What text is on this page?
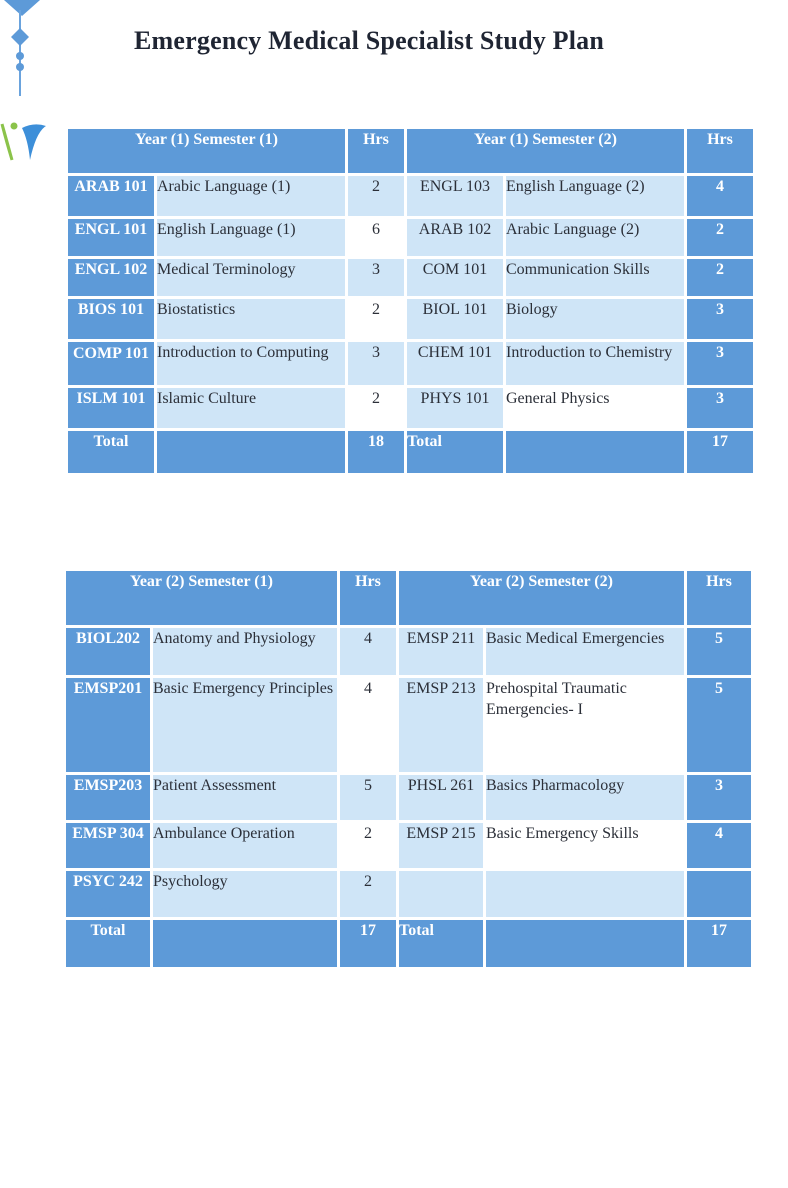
Emergency Medical Specialist Study Plan
Year (1) Semester (1)		Hrs	Year (1) Semester (2)		Hrs
ARAB 101	Arabic Language (1)	2	ENGL 103	English Language (2)	4
ENGL 101	English Language (1)	6	ARAB 102	Arabic Language (2)	2
ENGL 102	Medical Terminology	3	COM 101	Communication Skills	2
BIOS 101	Biostatistics	2	BIOL 101	Biology	3
COMP 101	Introduction to Computing	3	CHEM 101	Introduction to Chemistry	3
ISLM 101	Islamic Culture	2	PHYS 101	General Physics	3
Total		18	Total		17
Year (2) Semester (1)		Hrs	Year (2) Semester (2)		Hrs
BIOL202	Anatomy and Physiology	4	EMSP 211	Basic Medical Emergencies	5
EMSP201	Basic Emergency Principles	4	EMSP 213	Prehospital Traumatic Emergencies- I	5
EMSP203	Patient Assessment	5	PHSL 261	Basics Pharmacology	3
EMSP 304	Ambulance Operation	2	EMSP 215	Basic Emergency Skills	4
PSYC 242	Psychology	2			
Total		17	Total		17
